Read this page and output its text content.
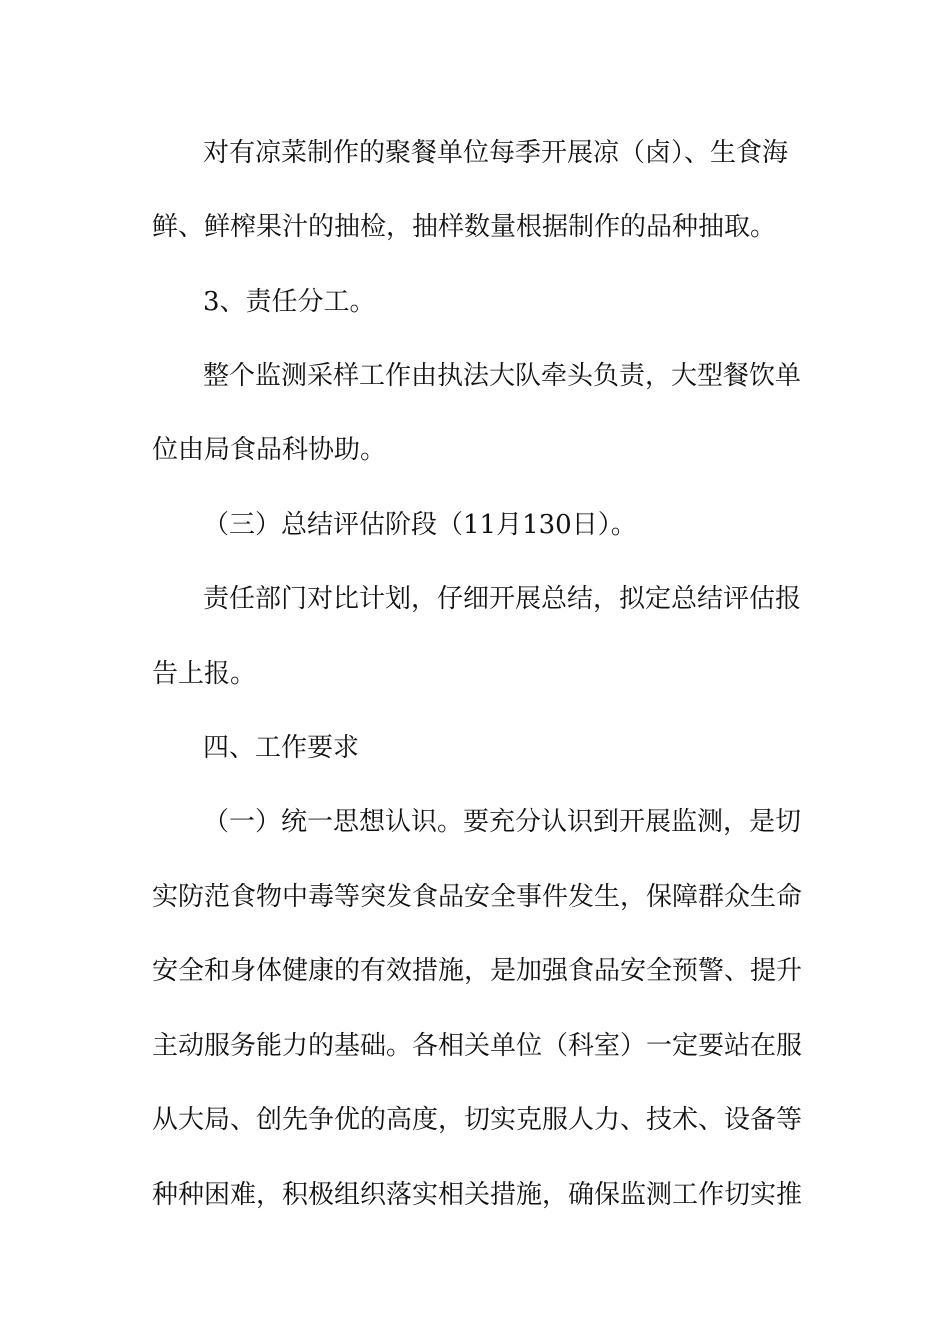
对有凉菜制作的聚餐单位每季开展凉（卤）、生食海
鲜、鲜榨果汁的抽检，抽样数量根据制作的品种抽取。
3、责任分工。
整个监测采样工作由执法大队牵头负责，大型餐饮单
位由局食品科协助。
（三）总结评估阶段（11月130日）。
责任部门对比计划，仔细开展总结，拟定总结评估报
告上报。
四、工作要求
（一）统一思想认识。要充分认识到开展监测，是切
实防范食物中毒等突发食品安全事件发生，保障群众生命
安全和身体健康的有效措施，是加强食品安全预警、提升
主动服务能力的基础。各相关单位（科室）一定要站在服
从大局、创先争优的高度，切实克服人力、技术、设备等
种种困难，积极组织落实相关措施，确保监测工作切实推
